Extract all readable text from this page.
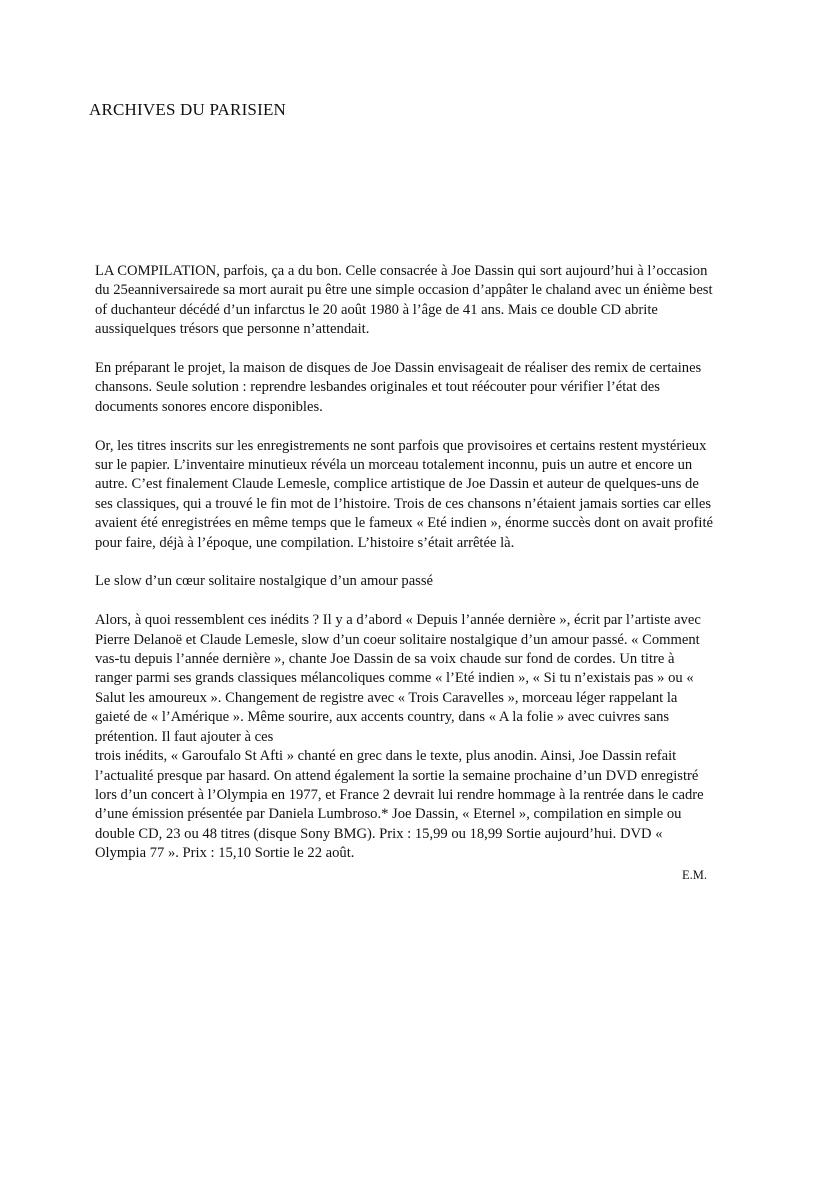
ARCHIVES DU PARISIEN

LA COMPILATION, parfois, ça a du bon. Celle consacrée à Joe Dassin qui sort aujourd’hui à l’occasion du 25eanniversairede sa mort aurait pu être une simple occasion d’appâter le chaland avec un énième best of duchanteur décédé d’un infarctus le 20 août 1980 à l’âge de 41 ans. Mais ce double CD abrite aussiquelques trésors que personne n’attendait.

En préparant le projet, la maison de disques de Joe Dassin envisageait de réaliser des remix de certaines chansons. Seule solution : reprendre lesbandes originales et tout réécouter pour vérifier l’état des documents sonores encore disponibles.

Or, les titres inscrits sur les enregistrements ne sont parfois que provisoires et certains restent mystérieux sur le papier. L’inventaire minutieux révéla un morceau totalement inconnu, puis un autre et encore un autre. C’est finalement Claude Lemesle, complice artistique de Joe Dassin et auteur de quelques-uns de ses classiques, qui a trouvé le fin mot de l’histoire. Trois de ces chansons n’étaient jamais sorties car elles avaient été enregistrées en même temps que le fameux « Eté indien », énorme succès dont on avait profité pour faire, déjà à l’époque, une compilation. L’histoire s’était arrêtée là.

Le slow d’un cœur solitaire nostalgique d’un amour passé

Alors, à quoi ressemblent ces inédits ? Il y a d’abord « Depuis l’année dernière », écrit par l’artiste avec Pierre Delanoë et Claude Lemesle, slow d’un coeur solitaire nostalgique d’un amour passé. « Comment vas-tu depuis l’année dernière », chante Joe Dassin de sa voix chaude sur fond de cordes. Un titre à ranger parmi ses grands classiques mélancoliques comme « l’Eté indien », « Si tu n’existais pas » ou « Salut les amoureux ». Changement de registre avec « Trois Caravelles », morceau léger rappelant la gaieté de « l’Amérique ». Même sourire, aux accents country, dans « A la folie » avec cuivres sans prétention. Il faut ajouter à ces

trois inédits, « Garoufalo St Afti » chanté en grec dans le texte, plus anodin. Ainsi, Joe Dassin refait l’actualité presque par hasard. On attend également la sortie la semaine prochaine d’un DVD enregistré lors d’un concert à l’Olympia en 1977, et France 2 devrait lui rendre hommage à la rentrée dans le cadre d’une émission présentée par Daniela Lumbroso.* Joe Dassin, « Eternel », compilation en simple ou double CD, 23 ou 48 titres (disque Sony BMG). Prix : 15,99 ou 18,99 Sortie aujourd’hui. DVD « Olympia 77 ». Prix : 15,10 Sortie le 22 août.

E.M.
